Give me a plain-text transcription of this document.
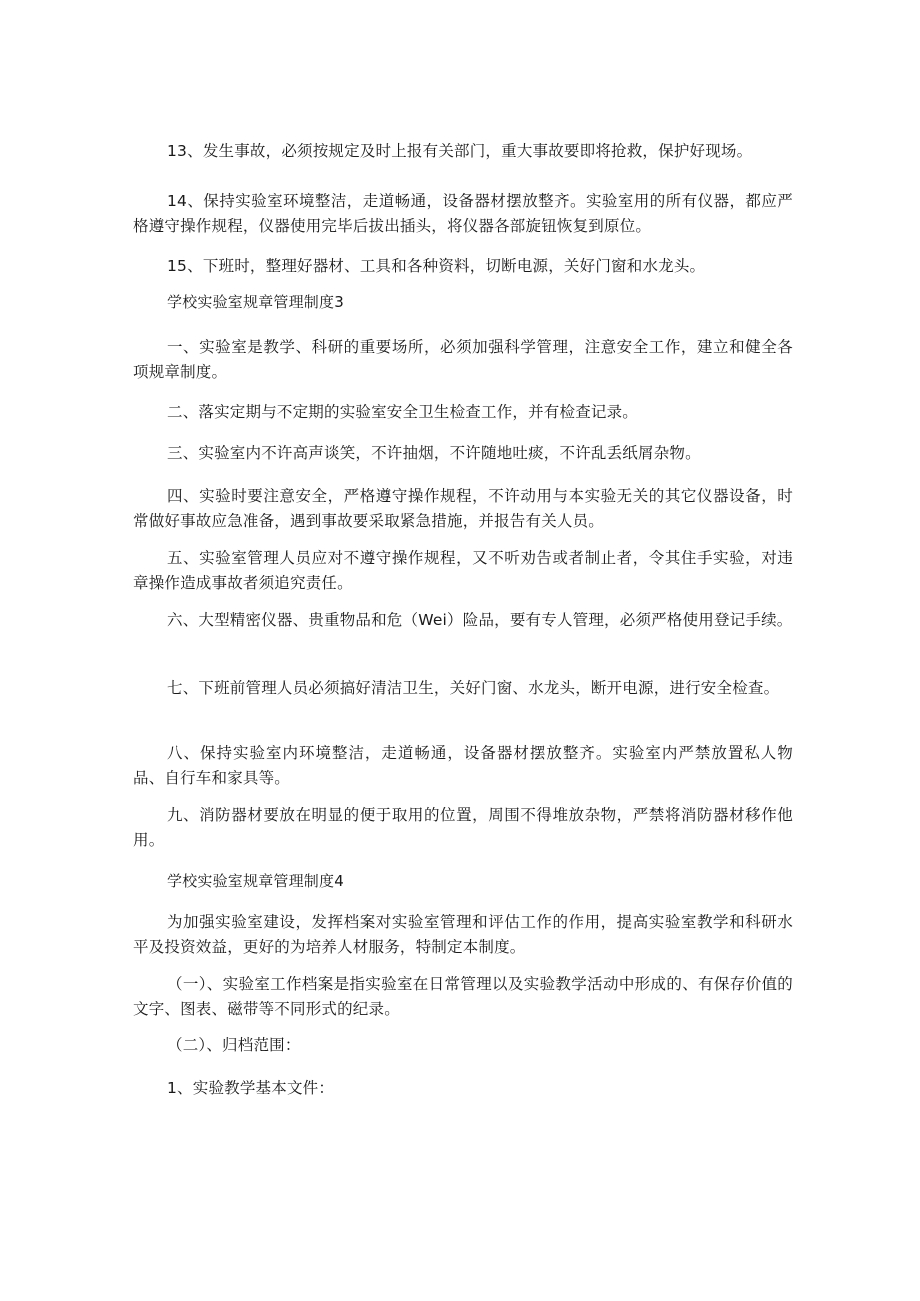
13、发生事故，必须按规定及时上报有关部门，重大事故要即将抢救，保护好现场。

14、保持实验室环境整洁，走道畅通，设备器材摆放整齐。实验室用的所有仪器，都应严格遵守操作规程，仪器使用完毕后拔出插头，将仪器各部旋钮恢复到原位。

15、下班时，整理好器材、工具和各种资料，切断电源，关好门窗和水龙头。

学校实验室规章管理制度3

一、实验室是教学、科研的重要场所，必须加强科学管理，注意安全工作，建立和健全各项规章制度。

二、落实定期与不定期的实验室安全卫生检查工作，并有检查记录。

三、实验室内不许高声谈笑，不许抽烟，不许随地吐痰，不许乱丢纸屑杂物。

四、实验时要注意安全，严格遵守操作规程，不许动用与本实验无关的其它仪器设备，时常做好事故应急准备，遇到事故要采取紧急措施，并报告有关人员。

五、实验室管理人员应对不遵守操作规程，又不听劝告或者制止者，令其住手实验，对违章操作造成事故者须追究责任。

六、大型精密仪器、贵重物品和危（Wei）险品，要有专人管理，必须严格使用登记手续。

七、下班前管理人员必须搞好清洁卫生，关好门窗、水龙头，断开电源，进行安全检查。

八、保持实验室内环境整洁，走道畅通，设备器材摆放整齐。实验室内严禁放置私人物品、自行车和家具等。

九、消防器材要放在明显的便于取用的位置，周围不得堆放杂物，严禁将消防器材移作他用。

学校实验室规章管理制度4

为加强实验室建设，发挥档案对实验室管理和评估工作的作用，提高实验室教学和科研水平及投资效益，更好的为培养人材服务，特制定本制度。

（一）、实验室工作档案是指实验室在日常管理以及实验教学活动中形成的、有保存价值的文字、图表、磁带等不同形式的纪录。

（二）、归档范围：

1、实验教学基本文件：
